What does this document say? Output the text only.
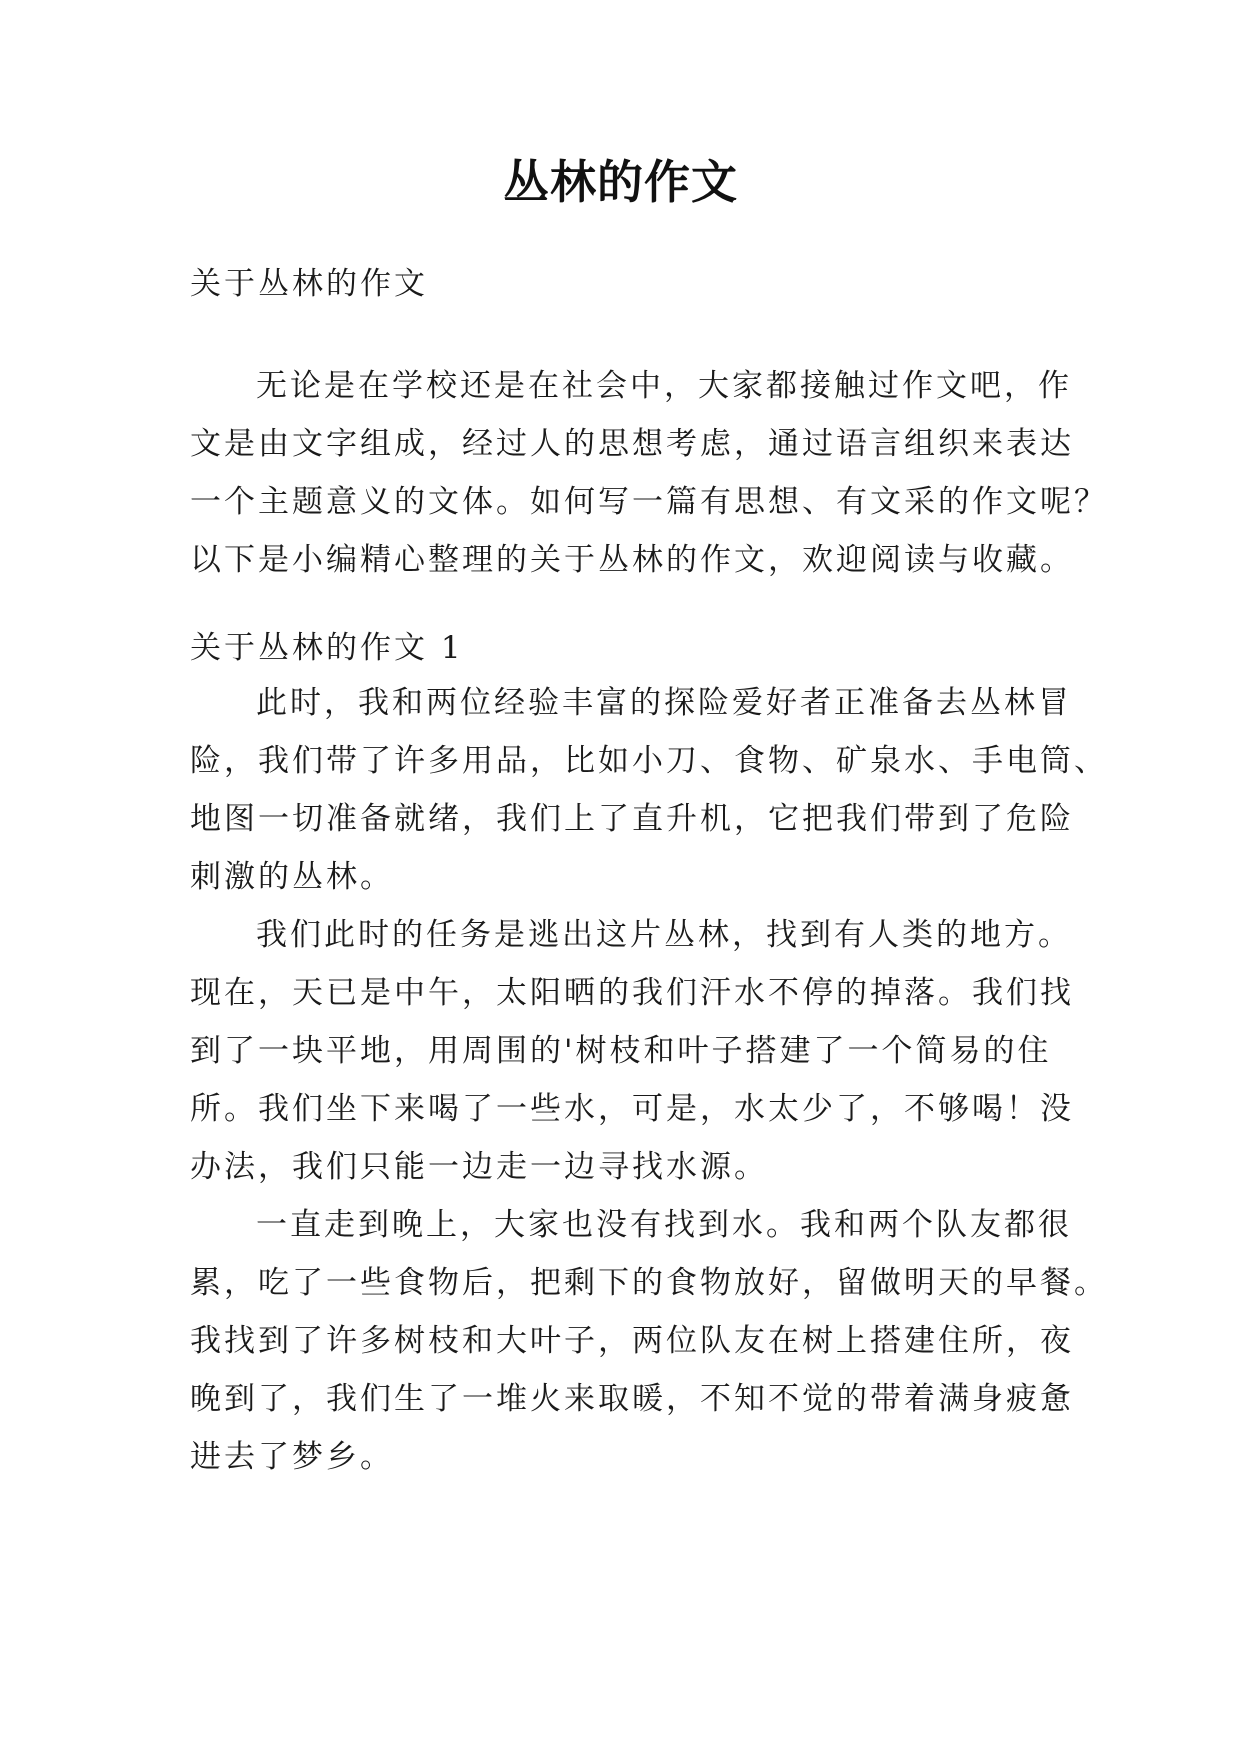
丛林的作文
关于丛林的作文
无论是在学校还是在社会中，大家都接触过作文吧，作
文是由文字组成，经过人的思想考虑，通过语言组织来表达
一个主题意义的文体。如何写一篇有思想、有文采的作文呢？
以下是小编精心整理的关于丛林的作文，欢迎阅读与收藏。
关于丛林的作文 1
此时，我和两位经验丰富的探险爱好者正准备去丛林冒
险，我们带了许多用品，比如小刀、食物、矿泉水、手电筒、
地图一切准备就绪，我们上了直升机，它把我们带到了危险
刺激的丛林。
我们此时的任务是逃出这片丛林，找到有人类的地方。
现在，天已是中午，太阳晒的我们汗水不停的掉落。我们找
到了一块平地，用周围的'树枝和叶子搭建了一个简易的住
所。我们坐下来喝了一些水，可是，水太少了，不够喝！没
办法，我们只能一边走一边寻找水源。
一直走到晚上，大家也没有找到水。我和两个队友都很
累，吃了一些食物后，把剩下的食物放好，留做明天的早餐。
我找到了许多树枝和大叶子，两位队友在树上搭建住所，夜
晚到了，我们生了一堆火来取暖，不知不觉的带着满身疲惫
进去了梦乡。
